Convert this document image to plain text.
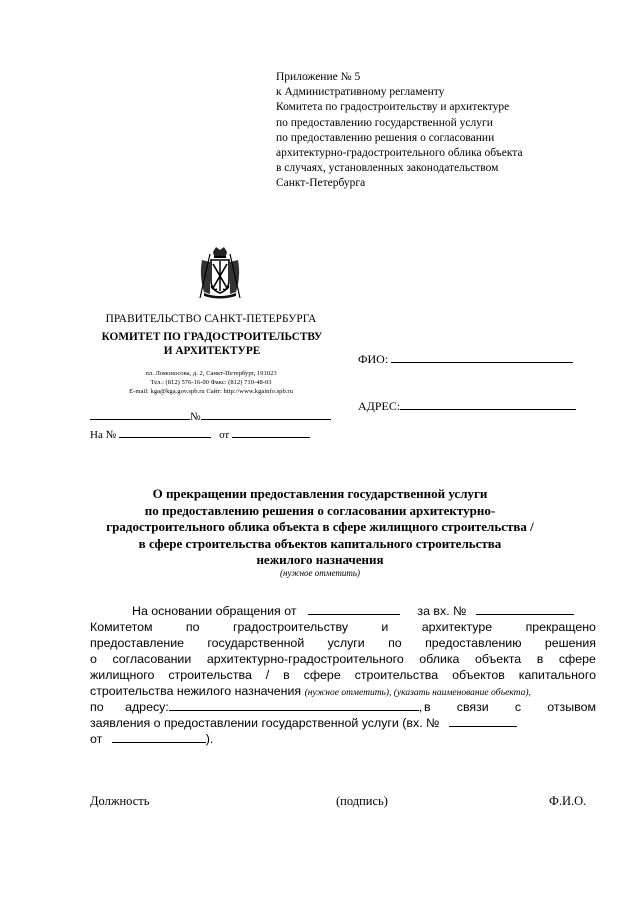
Приложение № 5
к Административному регламенту
Комитета по градостроительству и архитектуре
по предоставлению государственной услуги
по предоставлению решения о согласовании
архитектурно-градостроительного облика объекта
в случаях, установленных законодательством
Санкт-Петербурга
ПРАВИТЕЛЬСТВО САНКТ-ПЕТЕРБУРГА
КОМИТЕТ ПО ГРАДОСТРОИТЕЛЬСТВУ
И АРХИТЕКТУРЕ
пл. Ломоносова, д. 2, Санкт-Петербург, 191023
Тел.: (812) 576-16-00 Факс: (812) 710-48-03
E-mail: kga@kga.gov.spb.ru Сайт: http://www.kgainfo.spb.ru
№
На №	от
ФИО:
АДРЕС:
О прекращении предоставления государственной услуги
по предоставлению решения о согласовании архитектурно-
градостроительного облика объекта в сфере жилищного строительства /
в сфере строительства объектов капитального строительства
нежилого назначения
(нужное отметить)
На основании обращения от	за вх. №
Комитетом	по	градостроительству	и	архитектуре	прекращено
предоставление государственной услуги по предоставлению решения
о согласовании архитектурно-градостроительного облика объекта в сфере
жилищного строительства / в сфере строительства объектов капитального
строительства нежилого назначения (нужное отметить), (указать наименование объекта),
по адресу:	, в связи с отзывом
заявления о предоставлении государственной услуги (вх. №
от	).
Должность	(подпись)	Ф.И.О.
